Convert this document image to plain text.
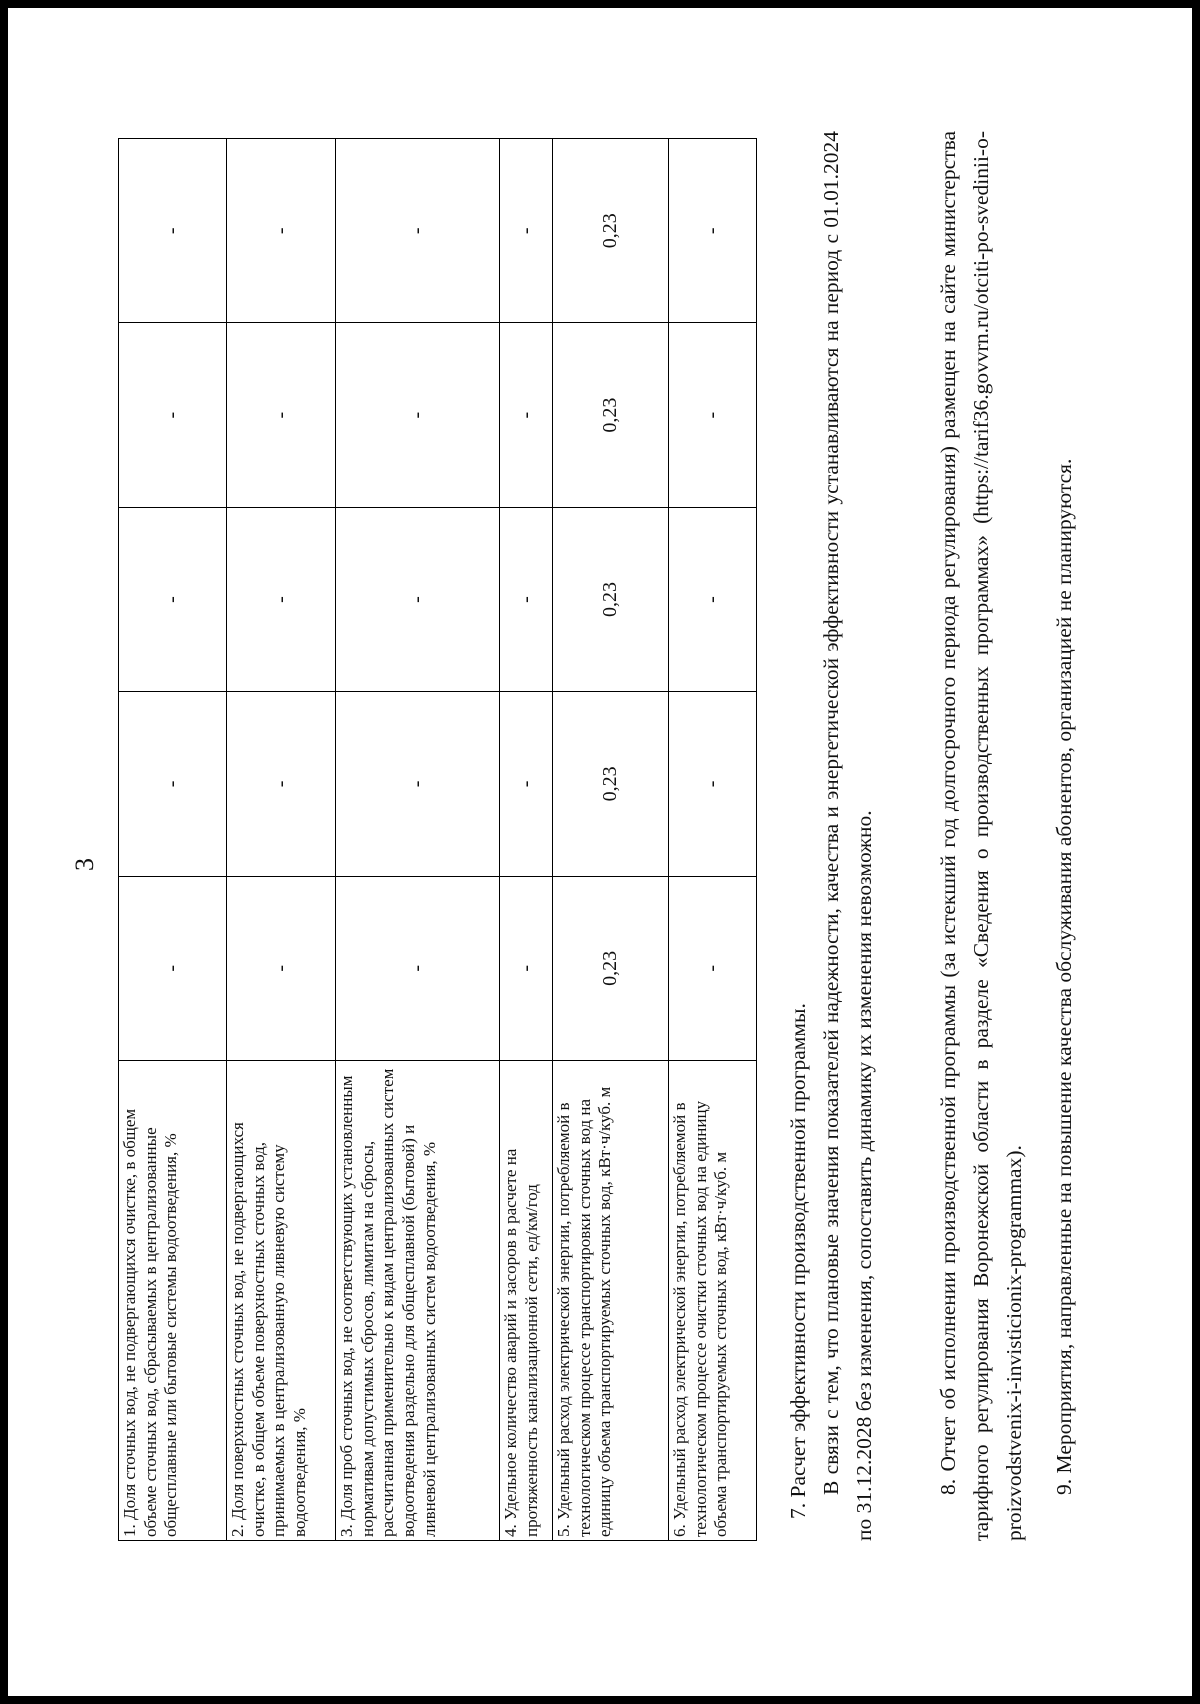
3
1. Доля сточных вод, не подвергающихся очистке, в общем объеме сточных вод, сбрасываемых в централизованные общесплавные или бытовые системы водоотведения, %	-	-	-	-	-
2. Доля поверхностных сточных вод, не подвергающихся очистке, в общем объеме поверхностных сточных вод, принимаемых в централизованную ливневую систему водоотведения, %	-	-	-	-	-
3. Доля проб сточных вод, не соответствующих установленным нормативам допустимых сбросов, лимитам на сбросы, рассчитанная применительно к видам централизованных систем водоотведения раздельно для общесплавной (бытовой) и ливневой централизованных систем водоотведения, %	-	-	-	-	-
4. Удельное количество аварий и засоров в расчете на протяженность канализационной сети, ед/км/год	-	-	-	-	-
5. Удельный расход электрической энергии, потребляемой в технологическом процессе транспортировки сточных вод на единицу объема транспортируемых сточных вод, кВт·ч/куб. м	0,23	0,23	0,23	0,23	0,23
6. Удельный расход электрической энергии, потребляемой в технологическом процессе очистки сточных вод на единицу объема транспортируемых сточных вод, кВт·ч/куб. м	-	-	-	-	-

7. Расчет эффективности производственной программы. В связи с тем, что плановые значения показателей надежности, качества и энергетической эффективности устанавливаются на период с 01.01.2024 по 31.12.2028 без изменения, сопоставить динамику их изменения невозможно.	8. Отчет об исполнении производственной программы (за истекший год долгосрочного периода регулирования) размещен на сайте министерства тарифного регулирования Воронежской области в разделе «Сведения о производственных программах» (https://tarif36.govvrn.ru/otciti-po-svedinii-o-proizvodstvenix-i-invisticionix-programmax). 9. Мероприятия, направленные на повышение качества обслуживания абонентов, организацией не планируются.
